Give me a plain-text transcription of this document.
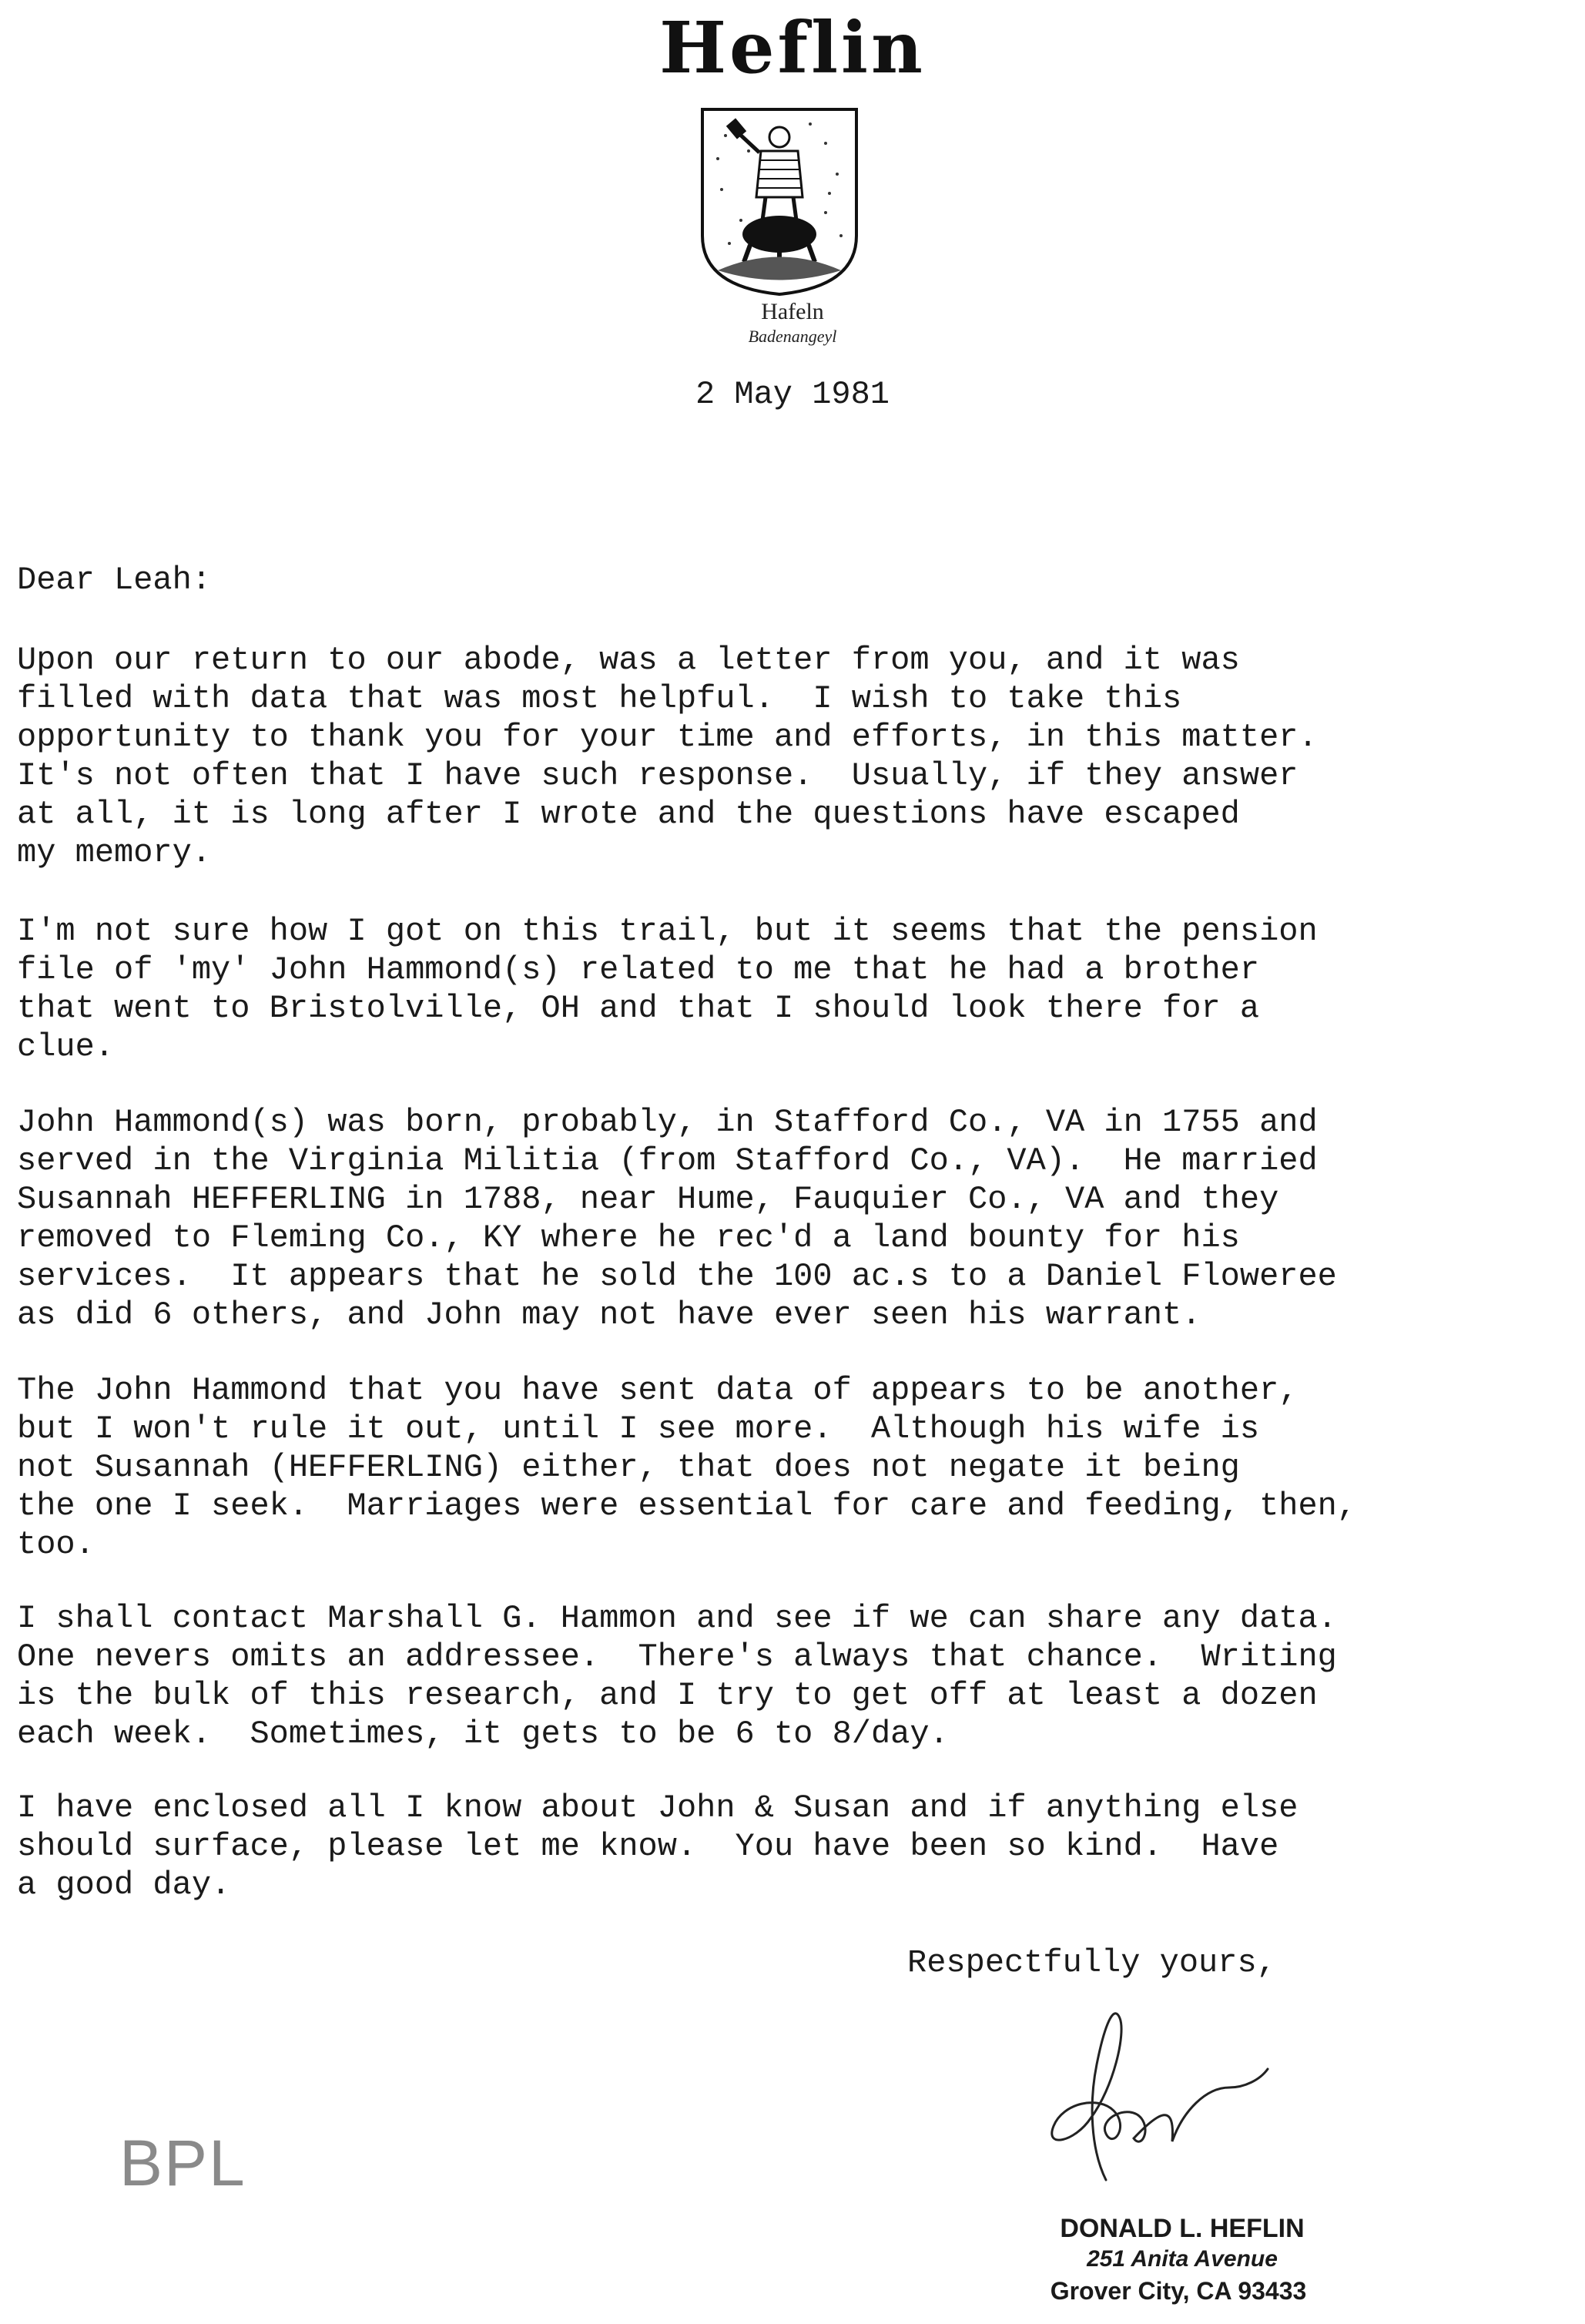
Heflin
Hafeln
Badenangeyl
2 May 1981
Dear Leah:
Upon our return to our abode, was a letter from you, and it was
filled with data that was most helpful.  I wish to take this
opportunity to thank you for your time and efforts, in this matter.
It's not often that I have such response.  Usually, if they answer
at all, it is long after I wrote and the questions have escaped
my memory.
I'm not sure how I got on this trail, but it seems that the pension
file of 'my' John Hammond(s) related to me that he had a brother
that went to Bristolville, OH and that I should look there for a
clue.
John Hammond(s) was born, probably, in Stafford Co., VA in 1755 and
served in the Virginia Militia (from Stafford Co., VA).  He married
Susannah HEFFERLING in 1788, near Hume, Fauquier Co., VA and they
removed to Fleming Co., KY where he rec'd a land bounty for his
services.  It appears that he sold the 100 ac.s to a Daniel Floweree
as did 6 others, and John may not have ever seen his warrant.
The John Hammond that you have sent data of appears to be another,
but I won't rule it out, until I see more.  Although his wife is
not Susannah (HEFFERLING) either, that does not negate it being
the one I seek.  Marriages were essential for care and feeding, then,
too.
I shall contact Marshall G. Hammon and see if we can share any data.
One nevers omits an addressee.  There's always that chance.  Writing
is the bulk of this research, and I try to get off at least a dozen
each week.  Sometimes, it gets to be 6 to 8/day.
I have enclosed all I know about John & Susan and if anything else
should surface, please let me know.  You have been so kind.  Have
a good day.
Respectfully yours,
DONALD L. HEFLIN
251 Anita Avenue
Grover City, CA 93433
BPL
